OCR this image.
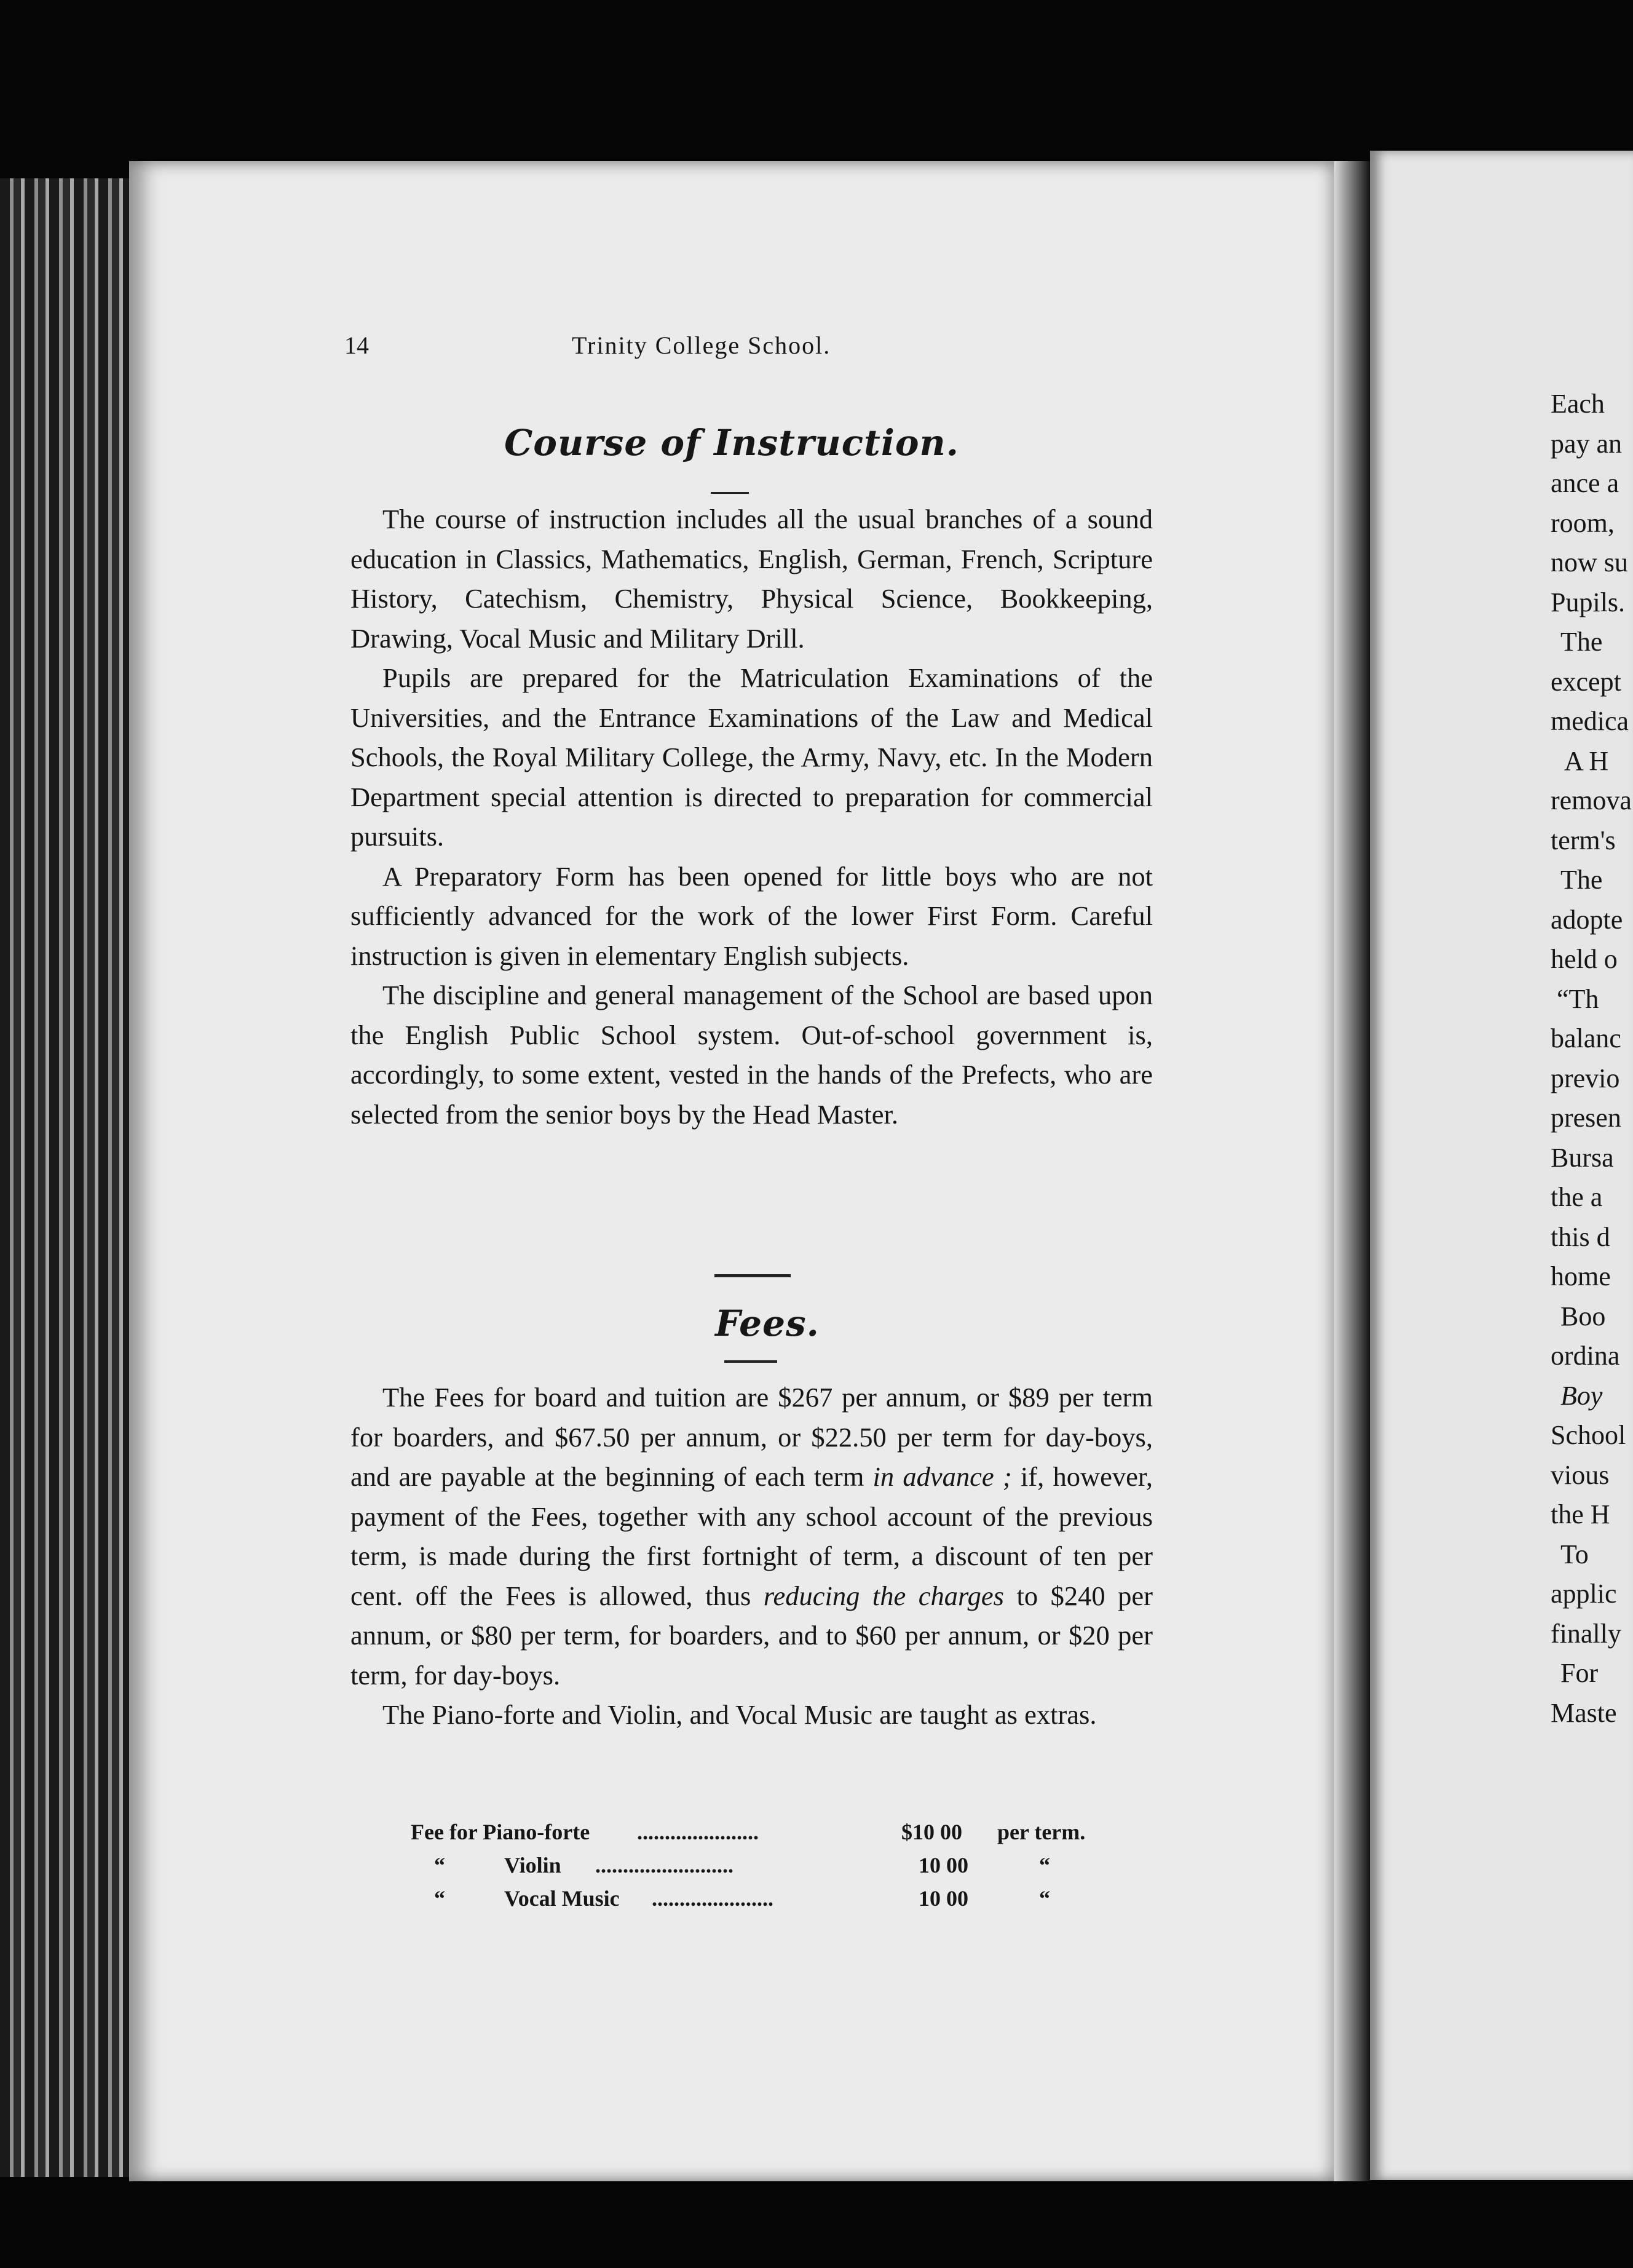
14	Trinity College School.
Course of Instruction.

The course of instruction includes all the usual branches of a sound education in Classics, Mathematics, English, German, French, Scripture History, Catechism, Chemistry, Physical Science, Bookkeeping, Drawing, Vocal Music and Military Drill.

Pupils are prepared for the Matriculation Examinations of the Universities, and the Entrance Examinations of the Law and Medical Schools, the Royal Military College, the Army, Navy, etc. In the Modern Department special attention is directed to preparation for commercial pursuits.

A Preparatory Form has been opened for little boys who are not sufficiently advanced for the work of the lower First Form. Careful instruction is given in elementary English subjects.

The discipline and general management of the School are based upon the English Public School system. Out-of-school government is, accordingly, to some extent, vested in the hands of the Prefects, who are selected from the senior boys by the Head Master.

Fees.

The Fees for board and tuition are $267 per annum, or $89 per term for boarders, and $67.50 per annum, or $22.50 per term for day-boys, and are payable at the beginning of each term in advance ; if, however, payment of the Fees, together with any school account of the previous term, is made during the first fortnight of term, a discount of ten per cent. off the Fees is allowed, thus reducing the charges to $240 per annum, or $80 per term, for boarders, and to $60 per annum, or $20 per term, for day-boys.

The Piano-forte and Violin, and Vocal Music are taught as extras.

Fee for Piano-forte ......................	$10 00 per term.
“	Violin .........................	10 00	“
“	Vocal Music ......................	10 00	“
Each
pay an
ance a
room,
now su
Pupils.
The
except
medica
A H
remova
term's
The
adopte
held o
“Th
balanc
previo
presen
Bursa
the a
this d
home
Boo
ordina
Boy
School
vious
the H
To
applic
finally
For
Maste
